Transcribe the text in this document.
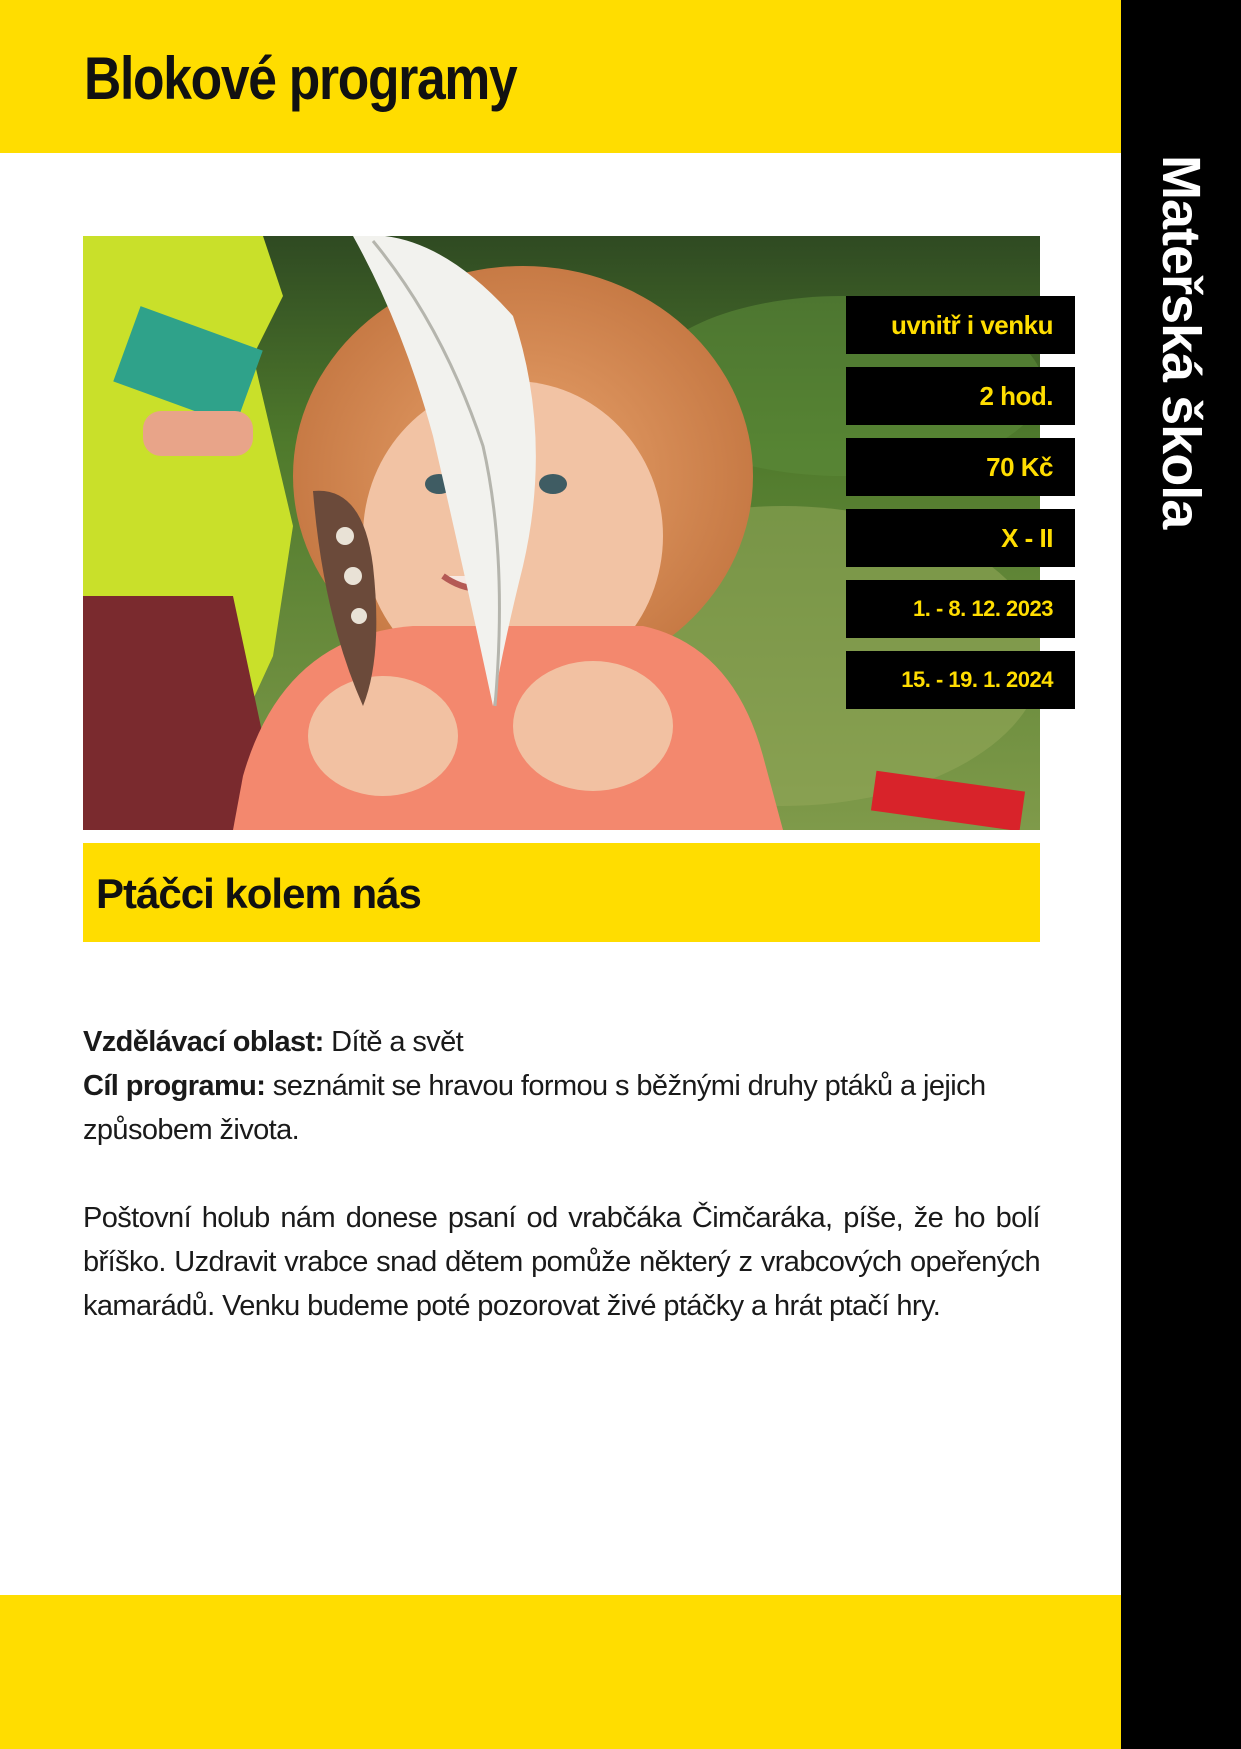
Blokové programy
Mateřská škola
uvnitř i venku
2 hod.
70 Kč
X - II
1. - 8. 12. 2023
15. - 19. 1. 2024
Ptáčci kolem nás

Vzdělávací oblast: Dítě a svět

Cíl programu: seznámit se hravou formou s běžnými druhy ptáků a jejich způsobem života.

Poštovní holub nám donese psaní od vrabčáka Čimčaráka, píše, že ho bolí bříško. Uzdravit vrabce snad dětem pomůže některý z vrabcových opeřených kamarádů. Venku budeme poté pozorovat živé ptáčky a hrát ptačí hry.
